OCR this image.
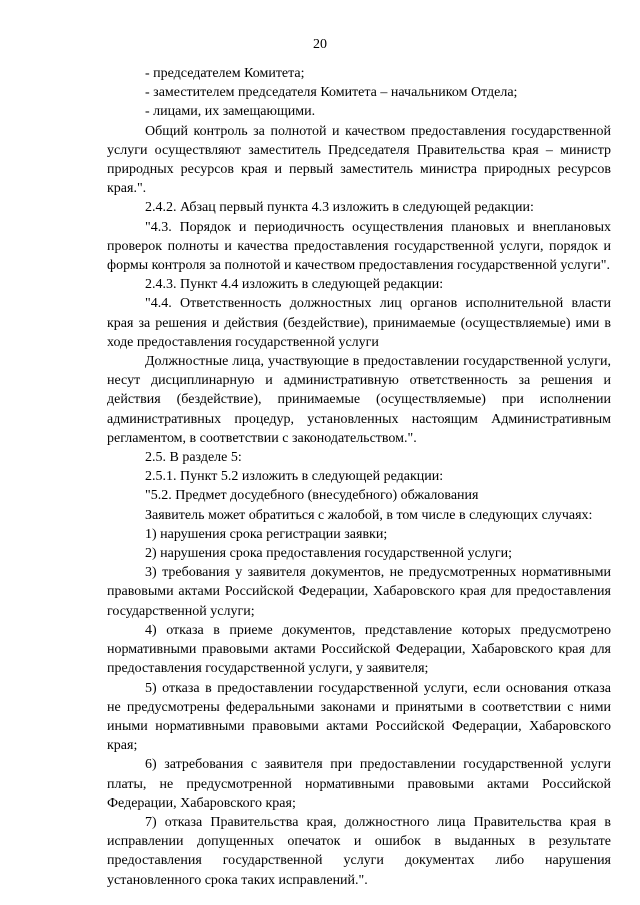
20

- председателем Комитета;

- заместителем председателя Комитета – начальником Отдела;

- лицами, их замещающими.

Общий контроль за полнотой и качеством предоставления государственной услуги осуществляют заместитель Председателя Правительства края – министр природных ресурсов края и первый заместитель министра природных ресурсов края.".

2.4.2. Абзац первый пункта 4.3 изложить в следующей редакции:

"4.3. Порядок и периодичность осуществления плановых и внеплановых проверок полноты и качества предоставления государственной услуги, порядок и формы контроля за полнотой и качеством предоставления государственной услуги".

2.4.3. Пункт 4.4 изложить в следующей редакции:

"4.4. Ответственность должностных лиц органов исполнительной власти края за решения и действия (бездействие), принимаемые (осуществляемые) ими в ходе предоставления государственной услуги

Должностные лица, участвующие в предоставлении государственной услуги, несут дисциплинарную и административную ответственность за решения и действия (бездействие), принимаемые (осуществляемые) при исполнении административных процедур, установленных настоящим Административным регламентом, в соответствии с законодательством.".

2.5. В разделе 5:

2.5.1. Пункт 5.2 изложить в следующей редакции:

"5.2. Предмет досудебного (внесудебного) обжалования

Заявитель может обратиться с жалобой, в том числе в следующих случаях:

1) нарушения срока регистрации заявки;

2) нарушения срока предоставления государственной услуги;

3) требования у заявителя документов, не предусмотренных нормативными правовыми актами Российской Федерации, Хабаровского края для предоставления государственной услуги;

4) отказа в приеме документов, представление которых предусмотрено нормативными правовыми актами Российской Федерации, Хабаровского края для предоставления государственной услуги, у заявителя;

5) отказа в предоставлении государственной услуги, если основания отказа не предусмотрены федеральными законами и принятыми в соответствии с ними иными нормативными правовыми актами Российской Федерации, Хабаровского края;

6) затребования с заявителя при предоставлении государственной услуги платы, не предусмотренной нормативными правовыми актами Российской Федерации, Хабаровского края;

7) отказа Правительства края, должностного лица Правительства края в исправлении допущенных опечаток и ошибок в выданных в результате предоставления государственной услуги документах либо нарушения установленного срока таких исправлений.".
